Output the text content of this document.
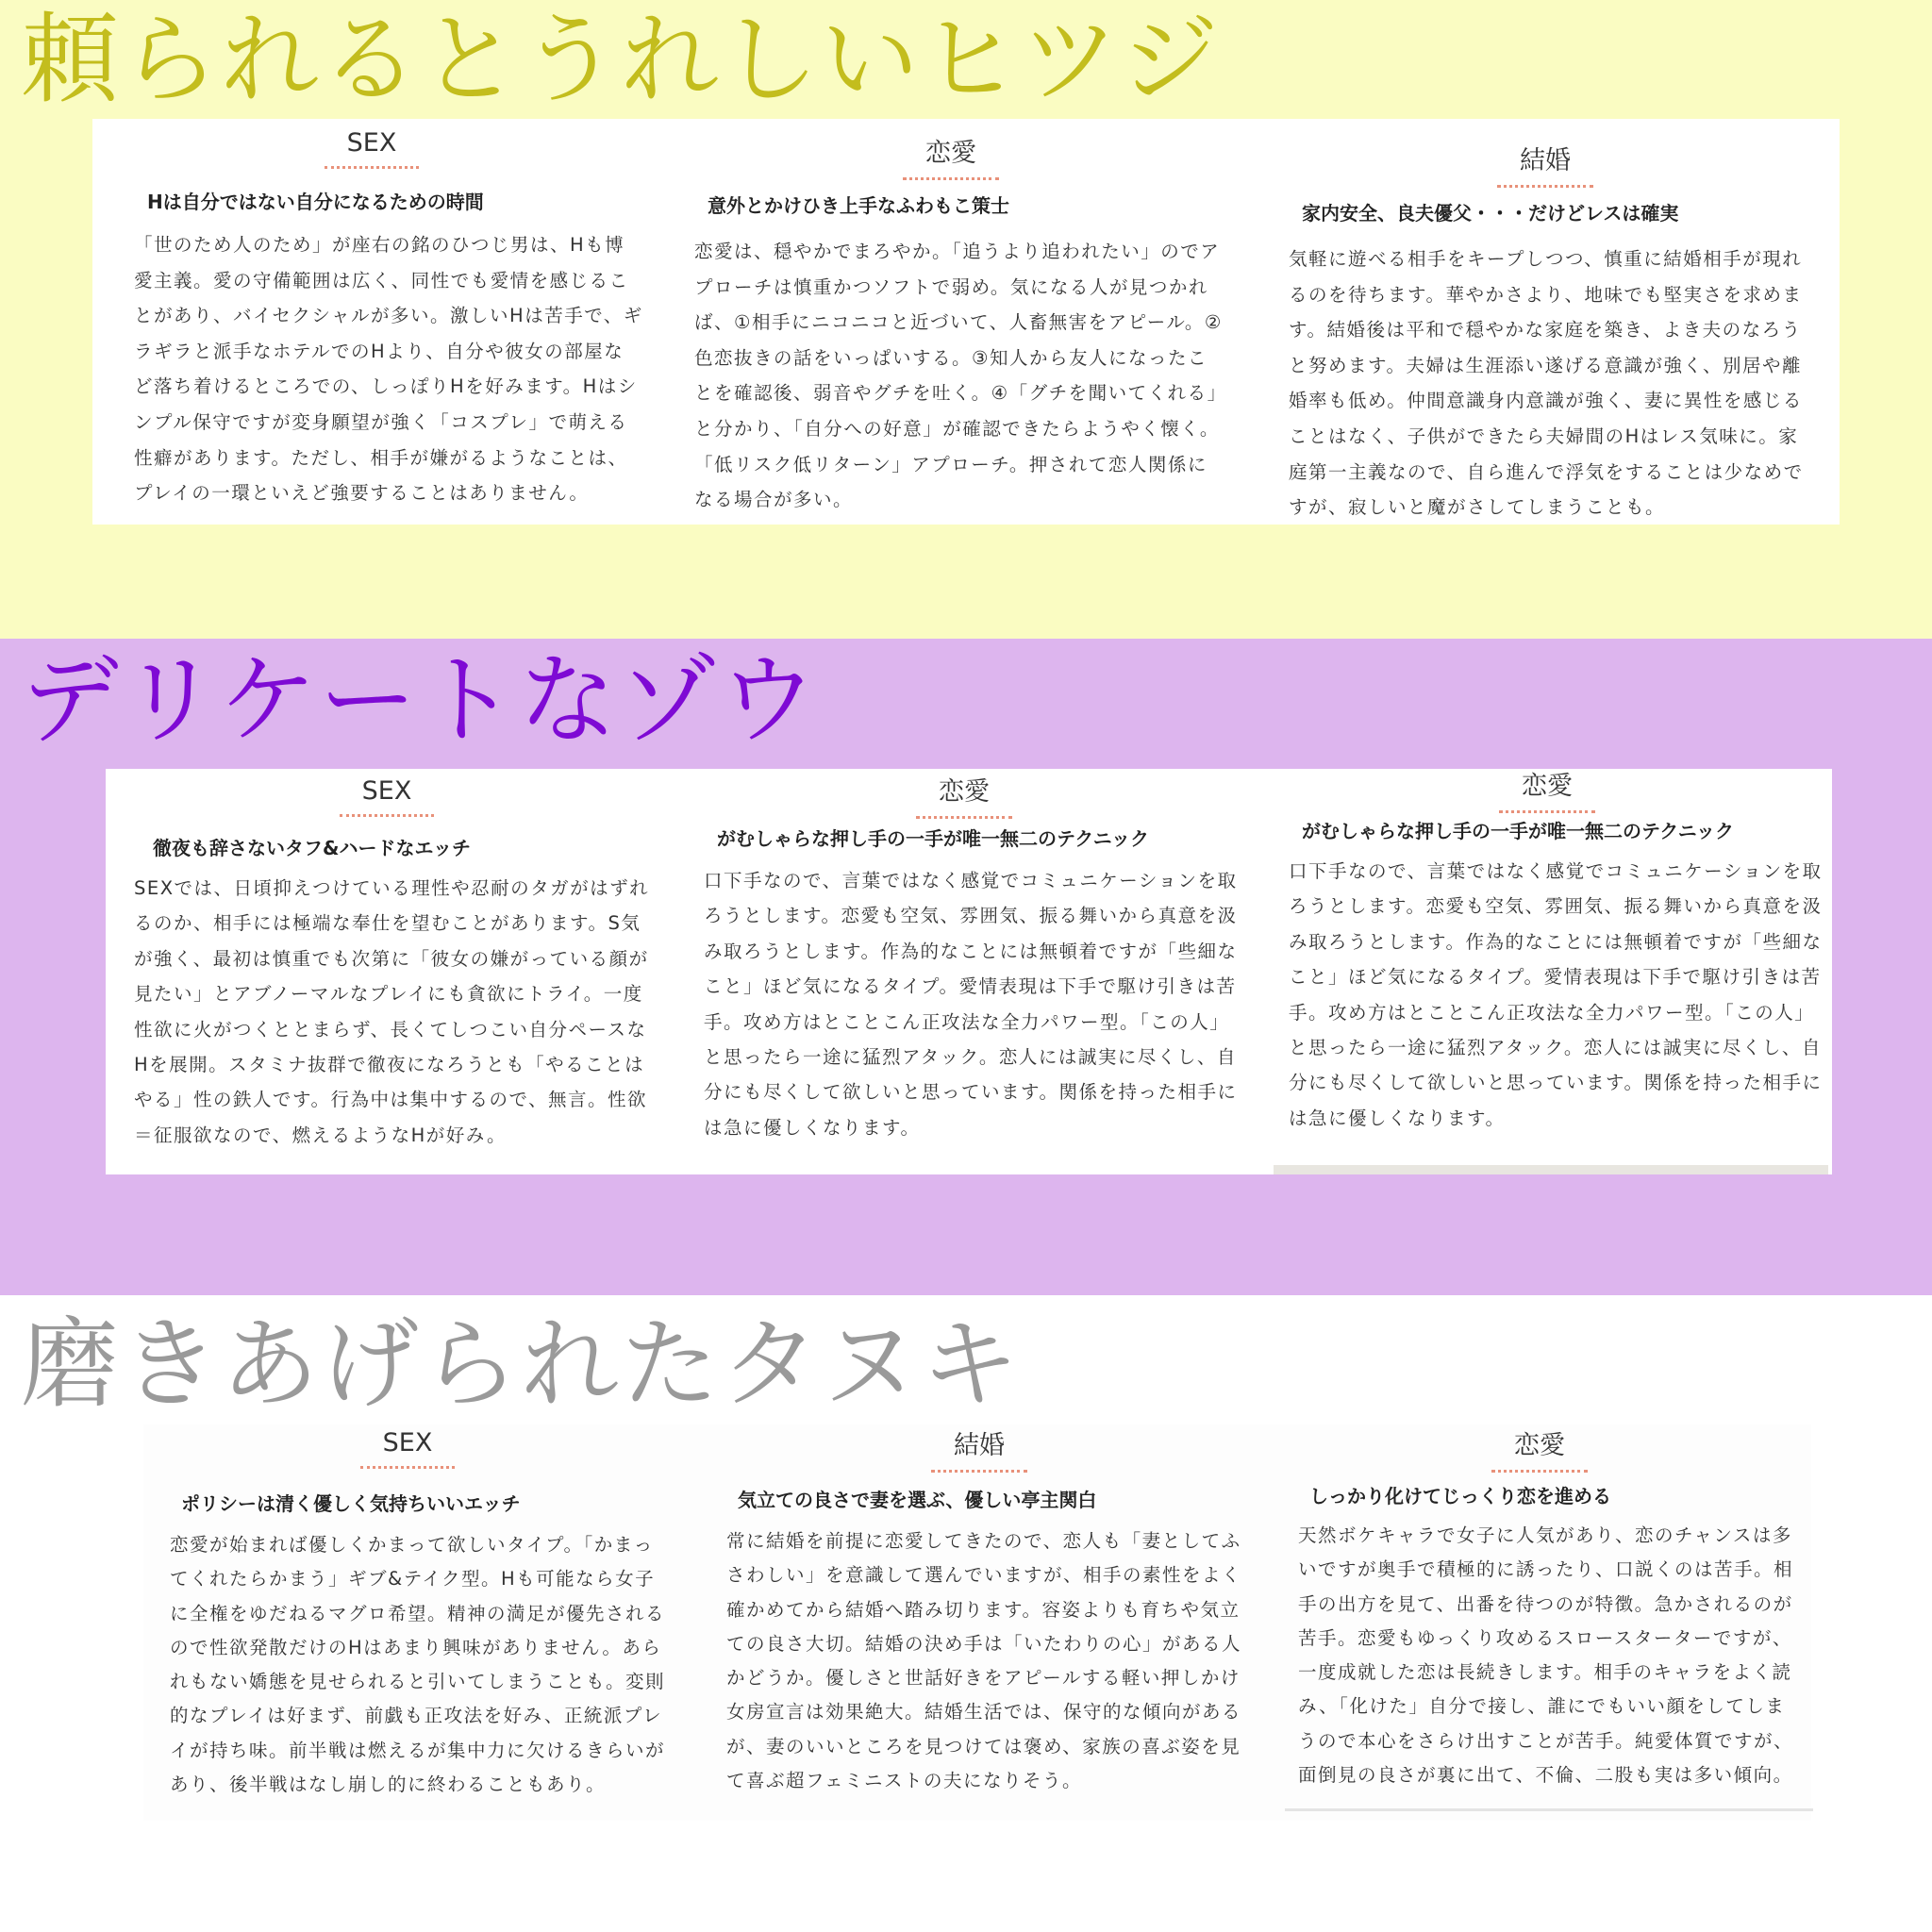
頼られるとうれしいヒツジ
SEX

Hは自分ではない自分になるための時間

「世のため人のため」が座右の銘のひつじ男は、Hも博愛主義。愛の守備範囲は広く、同性でも愛情を感じることがあり、バイセクシャルが多い。激しいHは苦手で、ギラギラと派手なホテルでのHより、自分や彼女の部屋など落ち着けるところでの、しっぽりHを好みます。Hはシンプル保守ですが変身願望が強く「コスプレ」で萌える性癖があります。ただし、相手が嫌がるようなことは、プレイの一環といえど強要することはありません。

恋愛

意外とかけひき上手なふわもこ策士

恋愛は、穏やかでまろやか。「追うより追われたい」のでアプローチは慎重かつソフトで弱め。気になる人が見つかれば、①相手にニコニコと近づいて、人畜無害をアピール。②色恋抜きの話をいっぱいする。③知人から友人になったことを確認後、弱音やグチを吐く。④「グチを聞いてくれる」と分かり、「自分への好意」が確認できたらようやく懐く。「低リスク低リターン」アプローチ。押されて恋人関係になる場合が多い。

結婚

家内安全、良夫優父・・・だけどレスは確実

気軽に遊べる相手をキープしつつ、慎重に結婚相手が現れるのを待ちます。華やかさより、地味でも堅実さを求めます。結婚後は平和で穏やかな家庭を築き、よき夫のなろうと努めます。夫婦は生涯添い遂げる意識が強く、別居や離婚率も低め。仲間意識身内意識が強く、妻に異性を感じることはなく、子供ができたら夫婦間のHはレス気味に。家庭第一主義なので、自ら進んで浮気をすることは少なめですが、寂しいと魔がさしてしまうことも。

デリケートなゾウ
SEX

徹夜も辞さないタフ&ハードなエッチ

SEXでは、日頃抑えつけている理性や忍耐のタガがはずれるのか、相手には極端な奉仕を望むことがあります。S気が強く、最初は慎重でも次第に「彼女の嫌がっている顔が見たい」とアブノーマルなプレイにも貪欲にトライ。一度性欲に火がつくととまらず、長くてしつこい自分ペースなHを展開。スタミナ抜群で徹夜になろうとも「やることはやる」性の鉄人です。行為中は集中するので、無言。性欲＝征服欲なので、燃えるようなHが好み。

恋愛

がむしゃらな押し手の一手が唯一無二のテクニック

口下手なので、言葉ではなく感覚でコミュニケーションを取ろうとします。恋愛も空気、雰囲気、振る舞いから真意を汲み取ろうとします。作為的なことには無頓着ですが「些細なこと」ほど気になるタイプ。愛情表現は下手で駆け引きは苦手。攻め方はとことこん正攻法な全力パワー型。「この人」と思ったら一途に猛烈アタック。恋人には誠実に尽くし、自分にも尽くして欲しいと思っています。関係を持った相手には急に優しくなります。

恋愛

がむしゃらな押し手の一手が唯一無二のテクニック

口下手なので、言葉ではなく感覚でコミュニケーションを取ろうとします。恋愛も空気、雰囲気、振る舞いから真意を汲み取ろうとします。作為的なことには無頓着ですが「些細なこと」ほど気になるタイプ。愛情表現は下手で駆け引きは苦手。攻め方はとことこん正攻法な全力パワー型。「この人」と思ったら一途に猛烈アタック。恋人には誠実に尽くし、自分にも尽くして欲しいと思っています。関係を持った相手には急に優しくなります。

磨きあげられたタヌキ
SEX

ポリシーは清く優しく気持ちいいエッチ

恋愛が始まれば優しくかまって欲しいタイプ。「かまってくれたらかまう」ギブ&テイク型。Hも可能なら女子に全権をゆだねるマグロ希望。精神の満足が優先されるので性欲発散だけのHはあまり興味がありません。あられもない嬌態を見せられると引いてしまうことも。変則的なプレイは好まず、前戯も正攻法を好み、正統派プレイが持ち味。前半戦は燃えるが集中力に欠けるきらいがあり、後半戦はなし崩し的に終わることもあり。

結婚

気立ての良さで妻を選ぶ、優しい亭主関白

常に結婚を前提に恋愛してきたので、恋人も「妻としてふさわしい」を意識して選んでいますが、相手の素性をよく確かめてから結婚へ踏み切ります。容姿よりも育ちや気立ての良さ大切。結婚の決め手は「いたわりの心」がある人かどうか。優しさと世話好きをアピールする軽い押しかけ女房宣言は効果絶大。結婚生活では、保守的な傾向があるが、妻のいいところを見つけては褒め、家族の喜ぶ姿を見て喜ぶ超フェミニストの夫になりそう。

恋愛

しっかり化けてじっくり恋を進める

天然ボケキャラで女子に人気があり、恋のチャンスは多いですが奥手で積極的に誘ったり、口説くのは苦手。相手の出方を見て、出番を待つのが特徴。急かされるのが苦手。恋愛もゆっくり攻めるスロースターターですが、一度成就した恋は長続きします。相手のキャラをよく読み、「化けた」自分で接し、誰にでもいい顔をしてしまうので本心をさらけ出すことが苦手。純愛体質ですが、面倒見の良さが裏に出て、不倫、二股も実は多い傾向。
